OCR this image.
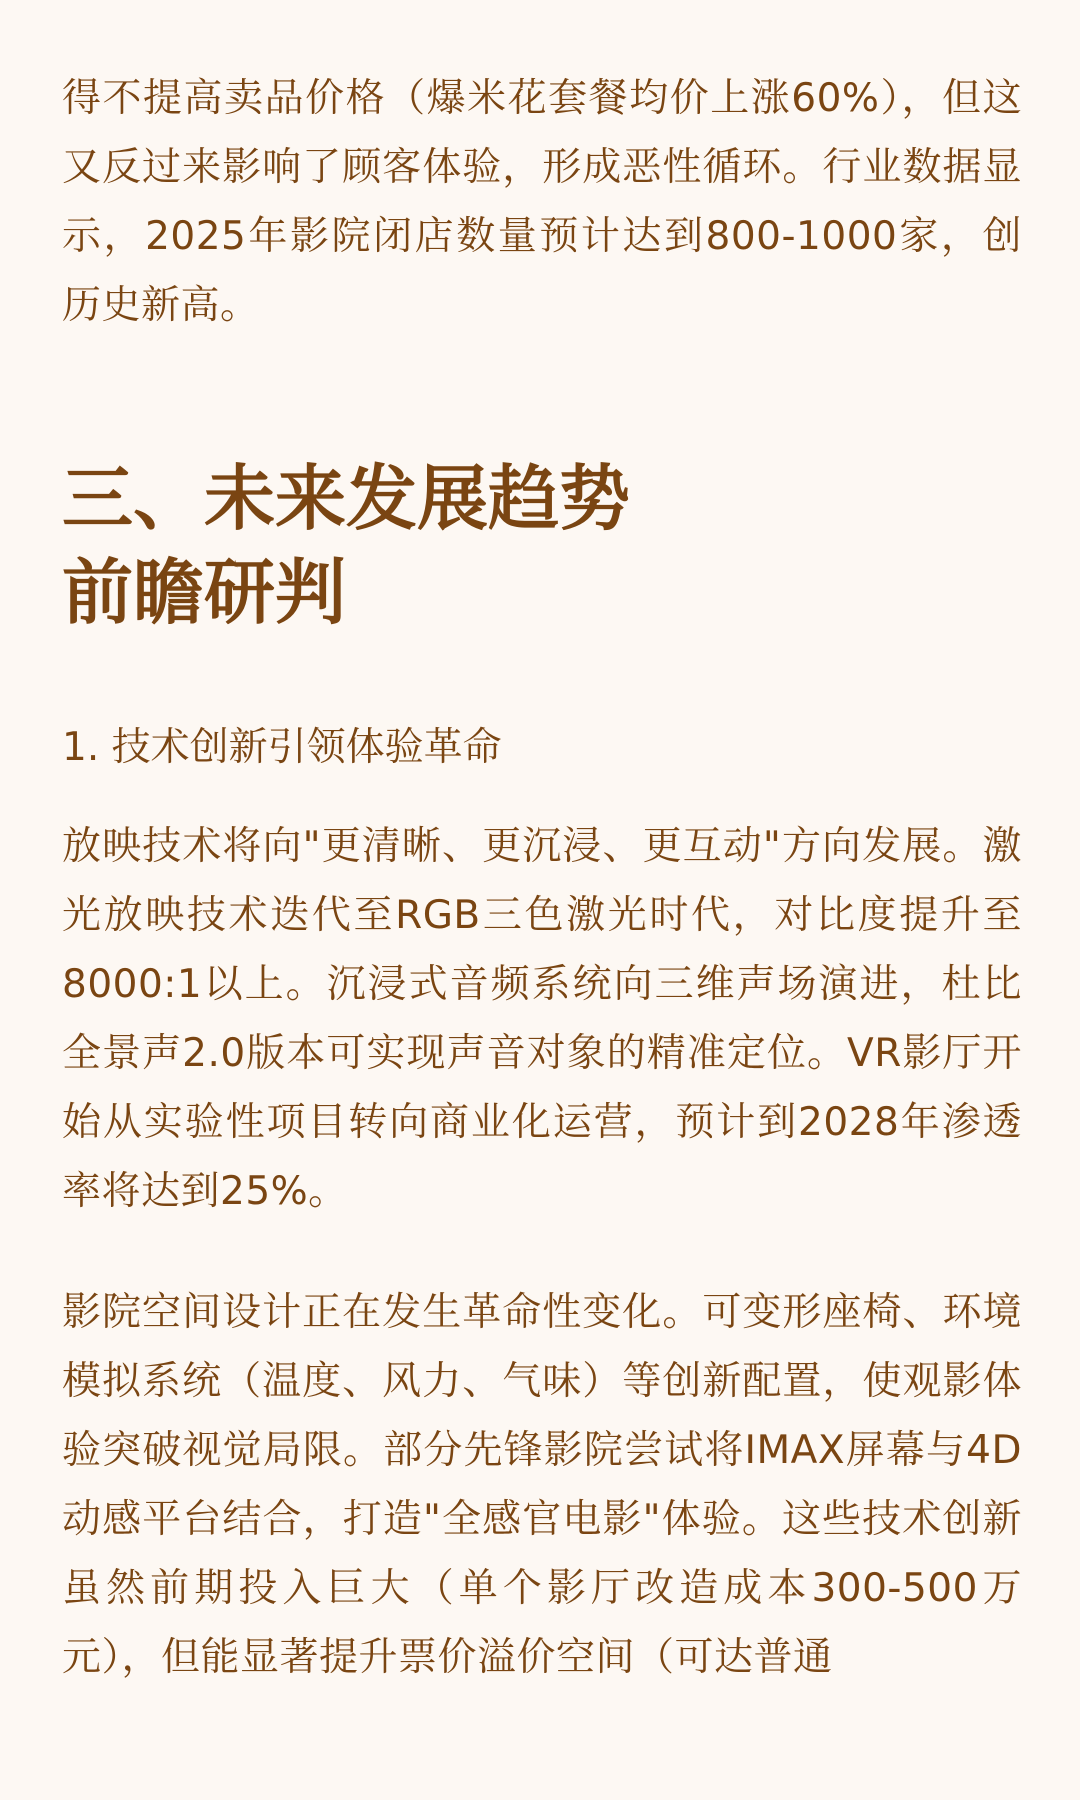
得不提高卖品价格（爆米花套餐均价上涨60%），但这又反过来影响了顾客体验，形成恶性循环。行业数据显示，2025年影院闭店数量预计达到800-1000家，创历史新高。

三、未来发展趋势
前瞻研判
1. 技术创新引领体验革命

放映技术将向"更清晰、更沉浸、更互动"方向发展。激光放映技术迭代至RGB三色激光时代，对比度提升至8000:1以上。沉浸式音频系统向三维声场演进，杜比全景声2.0版本可实现声音对象的精准定位。VR影厅开始从实验性项目转向商业化运营，预计到2028年渗透率将达到25%。

影院空间设计正在发生革命性变化。可变形座椅、环境模拟系统（温度、风力、气味）等创新配置，使观影体验突破视觉局限。部分先锋影院尝试将IMAX屏幕与4D动感平台结合，打造"全感官电影"体验。这些技术创新虽然前期投入巨大（单个影厅改造成本300-500万元），但能显著提升票价溢价空间（可达普通
